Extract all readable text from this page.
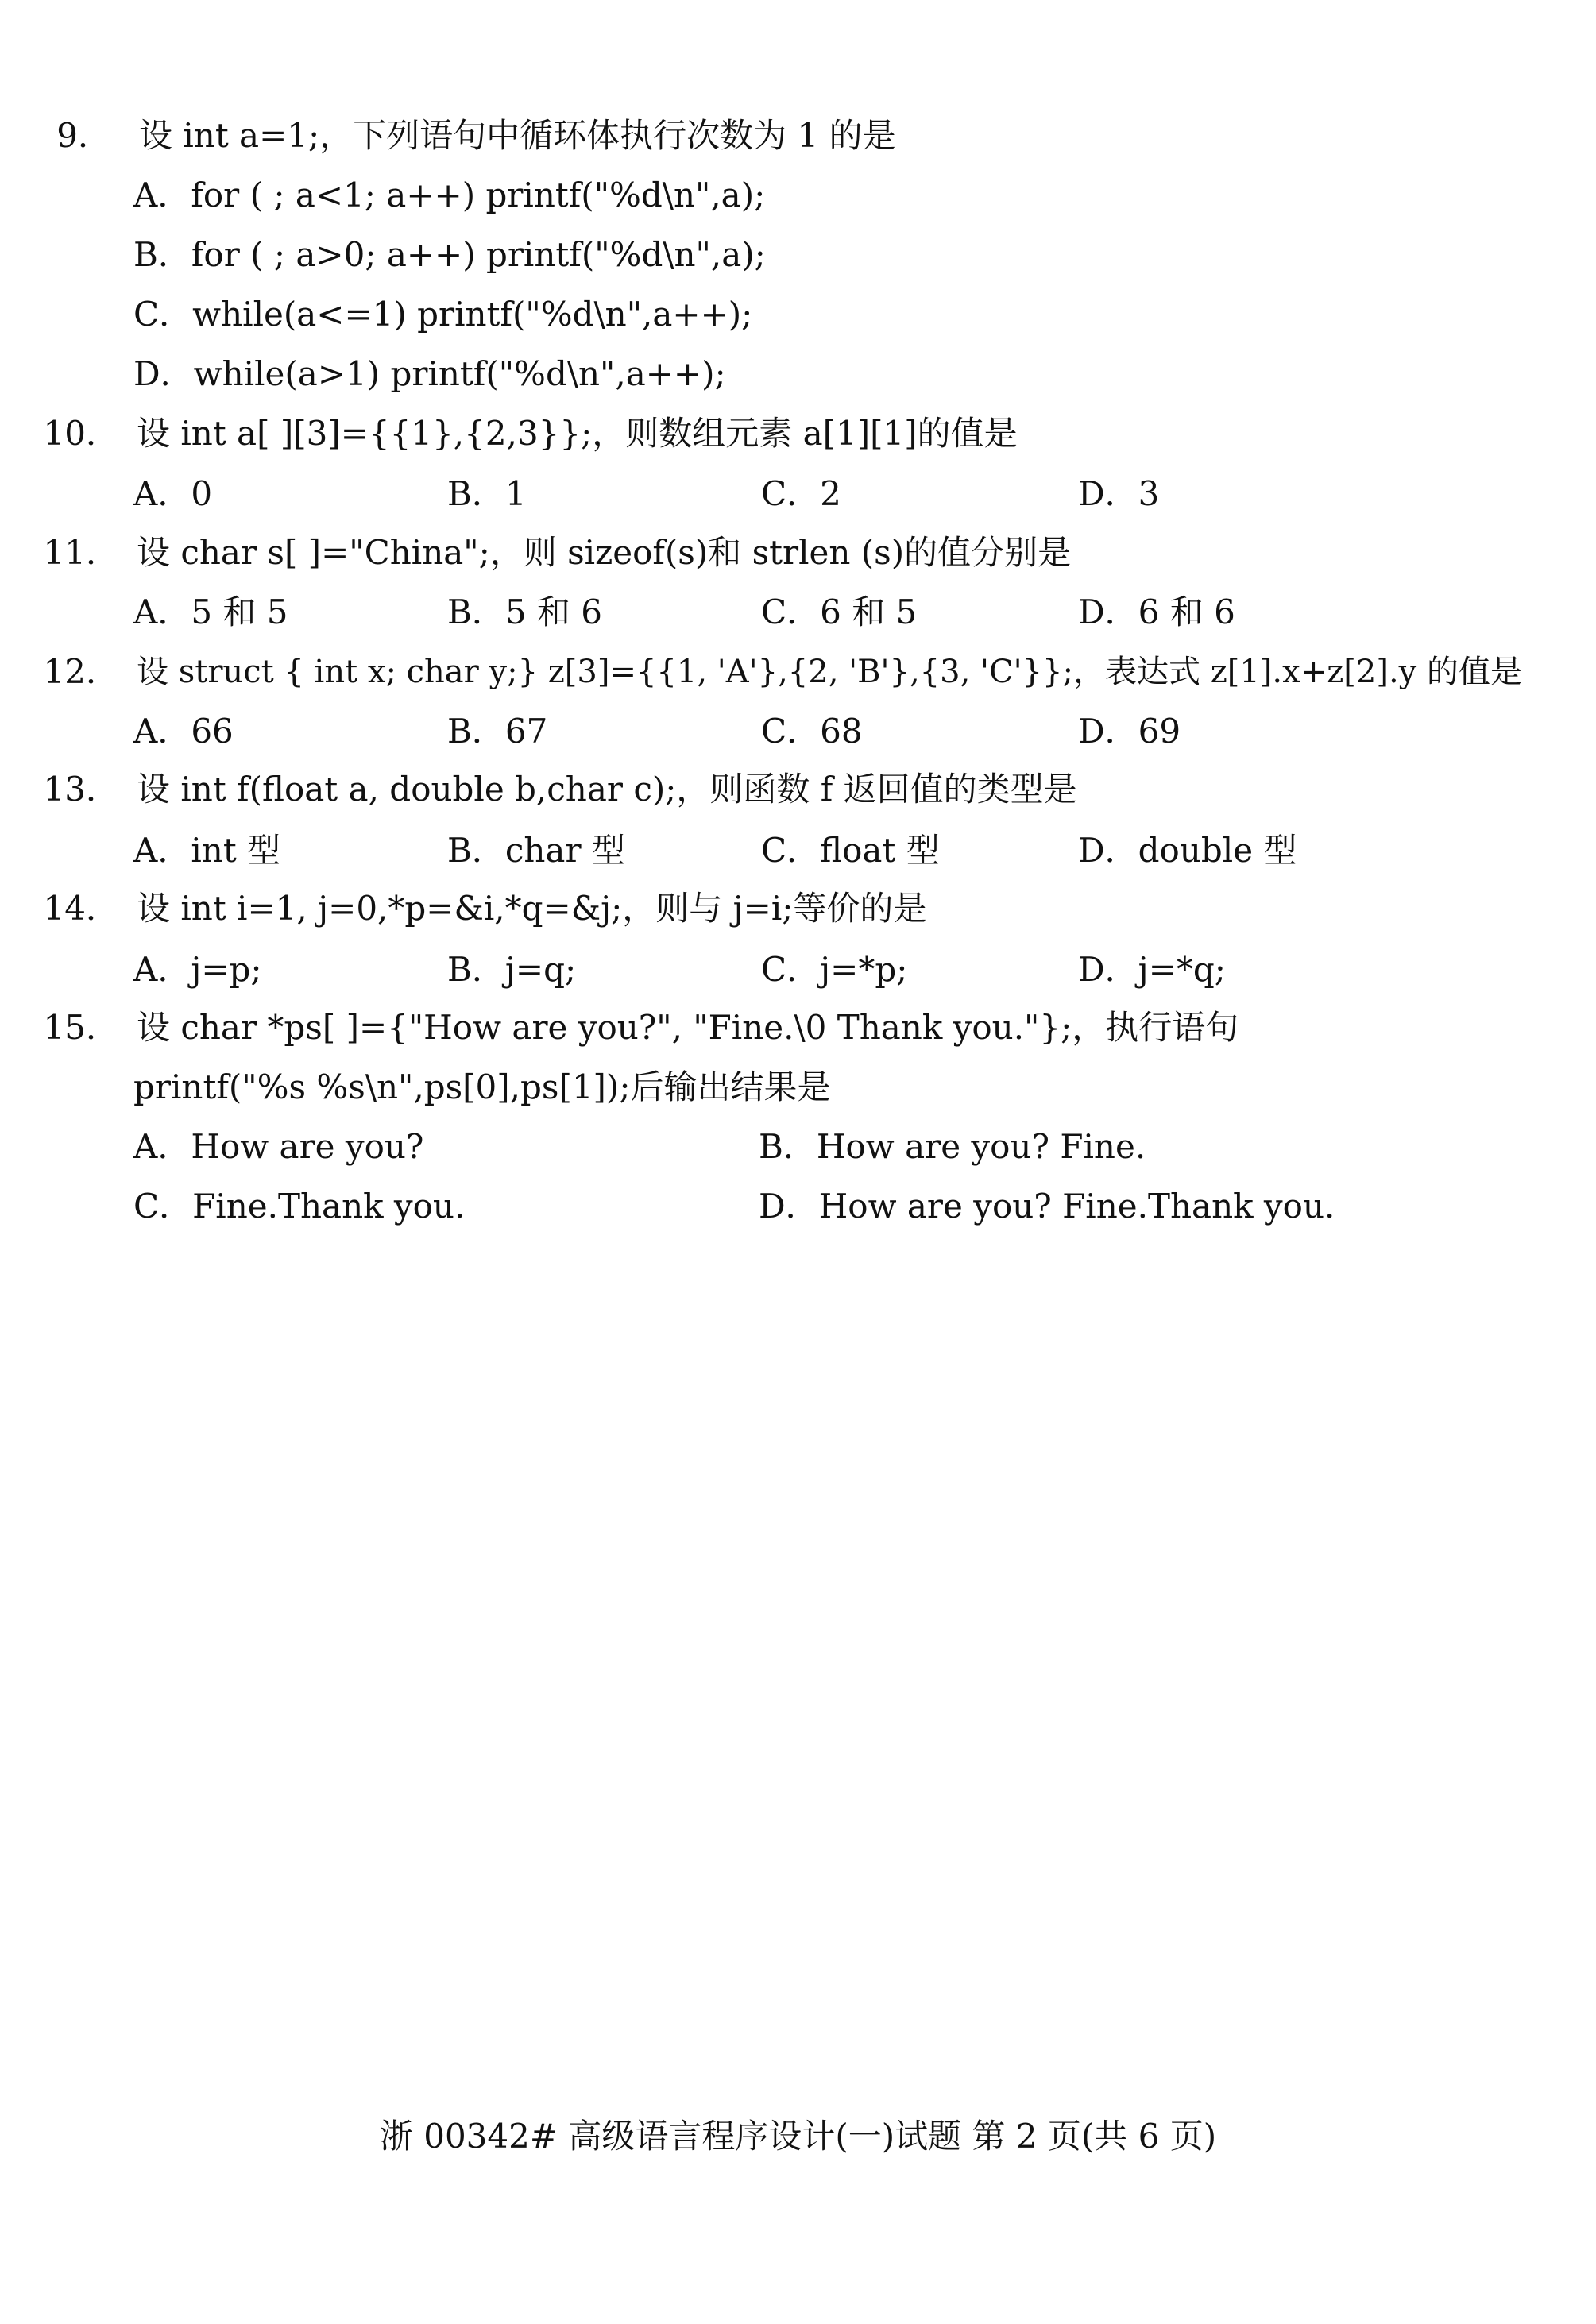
9． 设 int a=1;，下列语句中循环体执行次数为 1 的是
A．for ( ; a<1; a++) printf("%d\n",a);
B．for ( ; a>0; a++) printf("%d\n",a);
C．while(a<=1) printf("%d\n",a++);
D．while(a>1) printf("%d\n",a++);
10． 设 int a[ ][3]={{1},{2,3}};，则数组元素 a[1][1]的值是
A．0	B．1	C．2	D．3
11． 设 char s[ ]="China";，则 sizeof(s)和 strlen (s)的值分别是
A．5 和 5	B．5 和 6	C．6 和 5	D．6 和 6
12． 设 struct { int x; char y;} z[3]={{1, 'A'},{2, 'B'},{3, 'C'}};，表达式 z[1].x+z[2].y 的值是
A．66	B．67	C．68	D．69
13． 设 int f(float a, double b,char c);，则函数 f 返回值的类型是
A．int 型	B．char 型	C．float 型	D．double 型
14． 设 int i=1, j=0,*p=&i,*q=&j;，则与 j=i;等价的是
A．j=p;	B．j=q;	C．j=*p;	D．j=*q;
15． 设 char *ps[ ]={"How are you?", "Fine.\0 Thank you."};，执行语句
printf("%s %s\n",ps[0],ps[1]);后输出结果是
A．How are you?	B．How are you? Fine.
C．Fine.Thank you.	D．How are you? Fine.Thank you.
浙 00342# 高级语言程序设计(一)试题 第 2 页(共 6 页)
